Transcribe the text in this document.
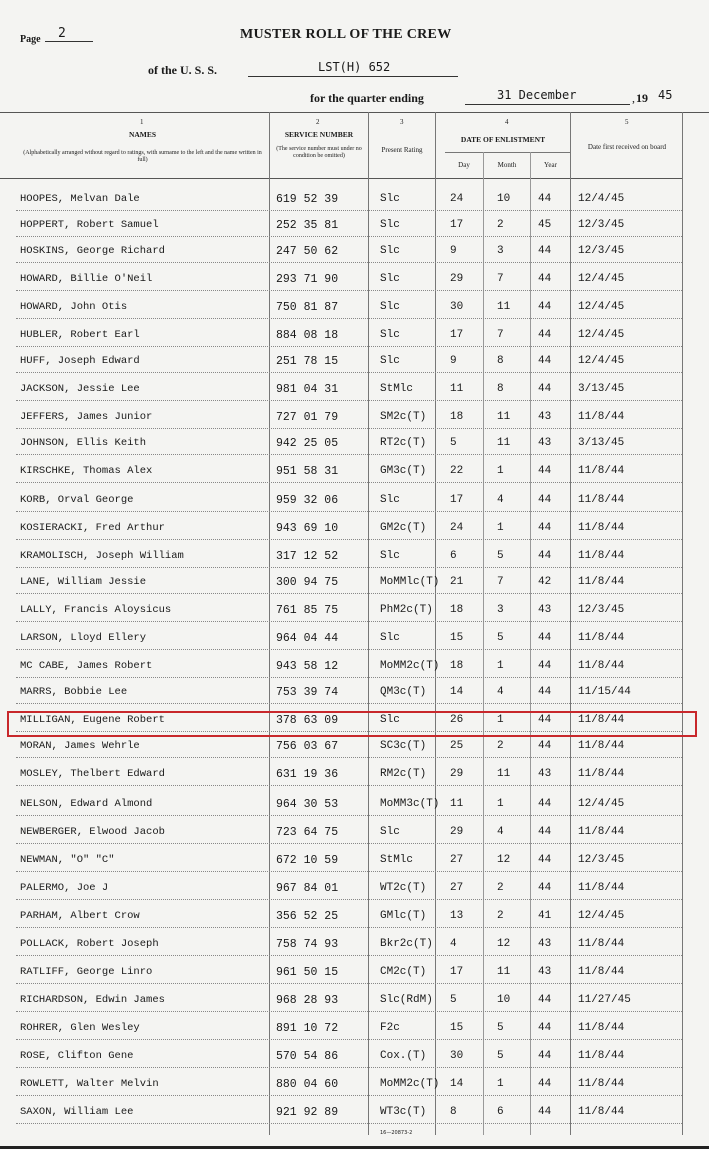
Page 2	MUSTER ROLL OF THE CREW
of the U. S. S.	LST(H) 652
for the quarter ending	31 December	, 19 45
1
NAMES
(Alphabetically arranged without regard to ratings, with surname to the left and the name written in full)
2
SERVICE NUMBER
(The service number must under no condition be omitted)
3
Present Rating
4
DATE OF ENLISTMENT
Day	Month	Year
5
Date first received on board
HOOPES, Melvan Dale	619 52 39	Slc	24	10	44	12/4/45
HOPPERT, Robert Samuel	252 35 81	Slc	17	2	45	12/3/45
HOSKINS, George Richard	247 50 62	Slc	9	3	44	12/3/45
HOWARD, Billie O'Neil	293 71 90	Slc	29	7	44	12/4/45
HOWARD, John Otis	750 81 87	Slc	30	11	44	12/4/45
HUBLER, Robert Earl	884 08 18	Slc	17	7	44	12/4/45
HUFF, Joseph Edward	251 78 15	Slc	9	8	44	12/4/45
JACKSON, Jessie Lee	981 04 31	StMlc	11	8	44	3/13/45
JEFFERS, James Junior	727 01 79	SM2c(T) 18	11	43	11/8/44
JOHNSON, Ellis Keith	942 25 05	RT2c(T) 5	11	43	3/13/45
KIRSCHKE, Thomas Alex	951 58 31	GM3c(T) 22	1	44	11/8/44
KORB, Orval George	959 32 06	Slc	17	4	44	11/8/44
KOSIERACKI, Fred Arthur	943 69 10	GM2c(T) 24	1	44	11/8/44
KRAMOLISCH, Joseph William	317 12 52	Slc	6	5	44	11/8/44
LANE, William Jessie	300 94 75	MoMMlc(T) 21	7	42	11/8/44
LALLY, Francis Aloysicus	761 85 75	PhM2c(T) 18	3	43	12/3/45
LARSON, Lloyd Ellery	964 04 44	Slc	15	5	44	11/8/44
MC CABE, James Robert	943 58 12	MoMM2c(T) 18	1	44	11/8/44
MARRS, Bobbie Lee	753 39 74	QM3c(T) 14	4	44	11/15/44
MILLIGAN, Eugene Robert	378 63 09	Slc	26	1	44	11/8/44
MORAN, James Wehrle	756 03 67	SC3c(T) 25	2	44	11/8/44
MOSLEY, Thelbert Edward	631 19 36	RM2c(T) 29	11	43	11/8/44
NELSON, Edward Almond	964 30 53	MoMM3c(T) 11	1	44	12/4/45
NEWBERGER, Elwood Jacob	723 64 75	Slc	29	4	44	11/8/44
NEWMAN, "O" "C"	672 10 59	StMlc	27	12	44	12/3/45
PALERMO, Joe J	967 84 01	WT2c(T) 27	2	44	11/8/44
PARHAM, Albert Crow	356 52 25	GMlc(T) 13	2	41	12/4/45
POLLACK, Robert Joseph	758 74 93	Bkr2c(T) 4	12	43	11/8/44
RATLIFF, George Linro	961 50 15	CM2c(T) 17	11	43	11/8/44
RICHARDSON, Edwin James	968 28 93	Slc(RdM) 5	10	44	11/27/45
ROHRER, Glen Wesley	891 10 72	F2c	15	5	44	11/8/44
ROSE, Clifton Gene	570 54 86	Cox.(T) 30	5	44	11/8/44
ROWLETT, Walter Melvin	880 04 60	MoMM2c(T) 14	1	44	11/8/44
SAXON, William Lee	921 92 89	WT3c(T) 8	6	44	11/8/44
16—20873-2
